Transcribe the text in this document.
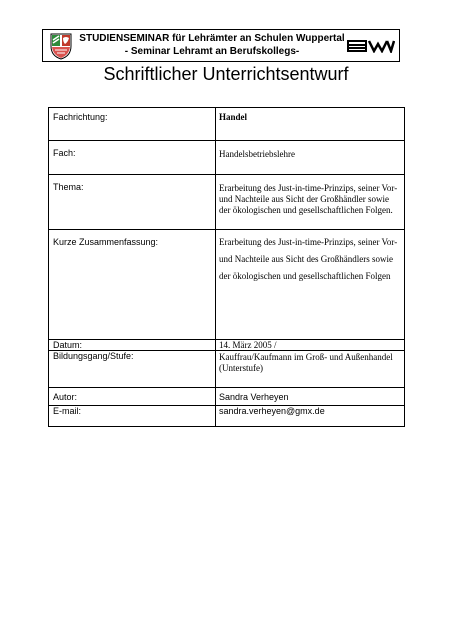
STUDIENSEMINAR für Lehrämter an Schulen Wuppertal
- Seminar Lehramt an Berufskollegs-
Schriftlicher Unterrichtsentwurf
Fachrichtung:	Handel
Fach:	Handelsbetriebslehre
Thema:	Erarbeitung des Just-in-time-Prinzips, seiner Vor- und Nachteile aus Sicht der Großhändler sowie der ökologischen und gesellschaftlichen Folgen.
Kurze Zusammenfassung:	Erarbeitung des Just-in-time-Prinzips, seiner Vor- und Nachteile aus Sicht des Großhändlers sowie der ökologischen und gesellschaftlichen Folgen
Datum:	14. März 2005 /
Bildungsgang/Stufe:	Kauffrau/Kaufmann im Groß- und Außenhandel (Unterstufe)
Autor:	Sandra Verheyen
E-mail:	sandra.verheyen@gmx.de
